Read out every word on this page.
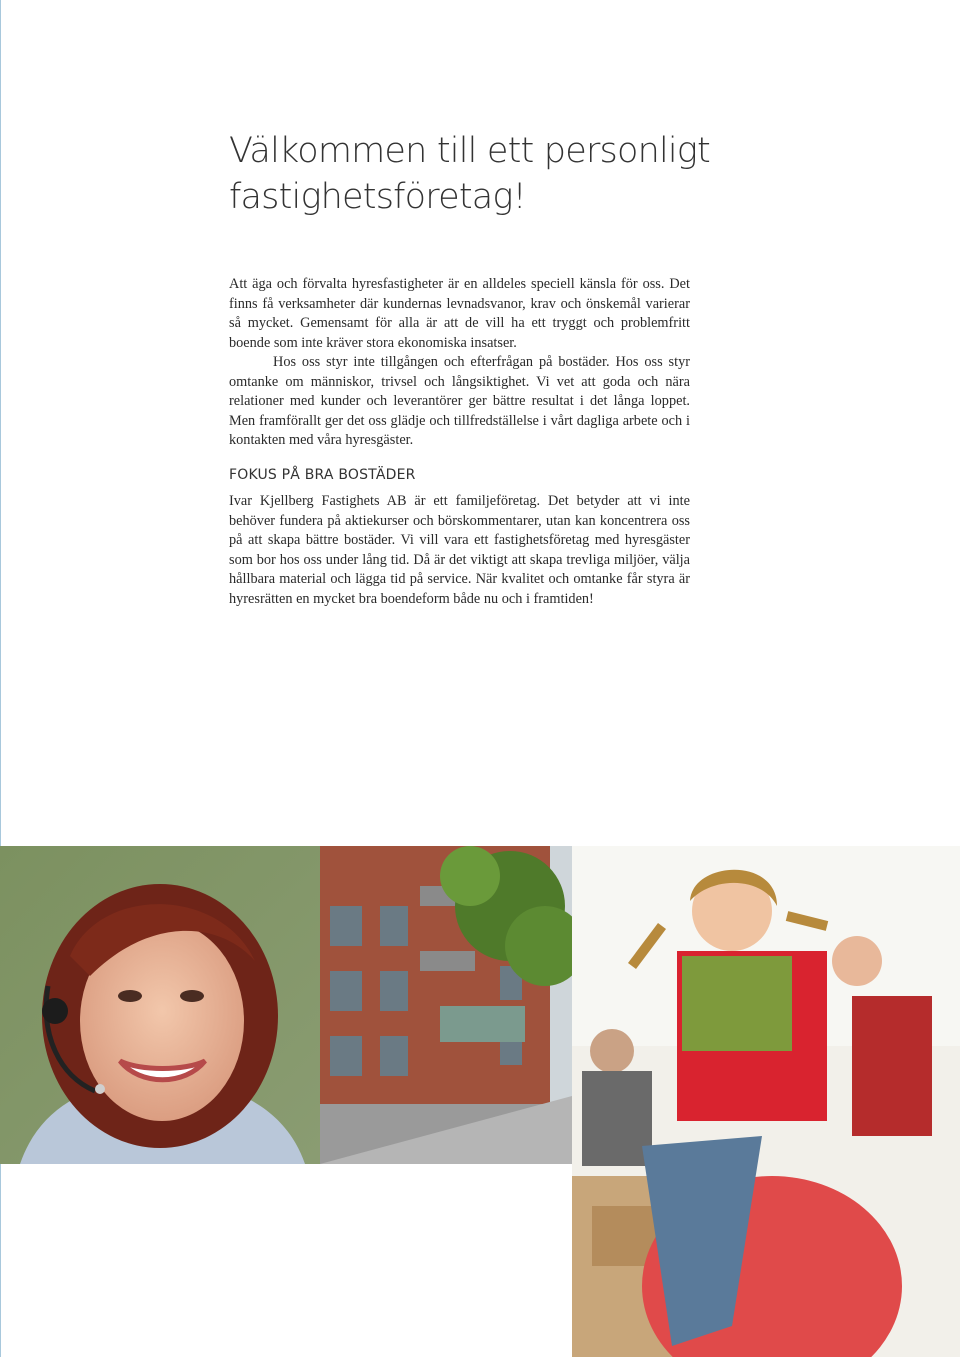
Välkommen till ett personligt
fastighetsföretag!

Att äga och förvalta hyresfastigheter är en alldeles speciell känsla för oss. Det finns få verksamheter där kundernas levnadsvanor, krav och önskemål varierar så mycket. Gemensamt för alla är att de vill ha ett tryggt och problemfritt boende som inte kräver stora ekonomiska insatser.

Hos oss styr inte tillgången och efterfrågan på bostäder. Hos oss styr omtanke om människor, trivsel och långsiktighet. Vi vet att goda och nära relationer med kunder och leverantörer ger bättre resultat i det långa loppet. Men framförallt ger det oss glädje och tillfredställelse i vårt dagliga arbete och i kontakten med våra hyresgäster.

FOKUS PÅ BRA BOSTÄDER

Ivar Kjellberg Fastighets AB är ett familjeföretag. Det betyder att vi inte behöver fundera på aktiekurser och börskommentarer, utan kan koncentrera oss på att skapa bättre bostäder. Vi vill vara ett fastighetsföretag med hyresgäster som bor hos oss under lång tid. Då är det viktigt att skapa trevliga miljöer, välja hållbara material och lägga tid på service. När kvalitet och omtanke får styra är hyresrätten en mycket bra boendeform både nu och i framtiden!
